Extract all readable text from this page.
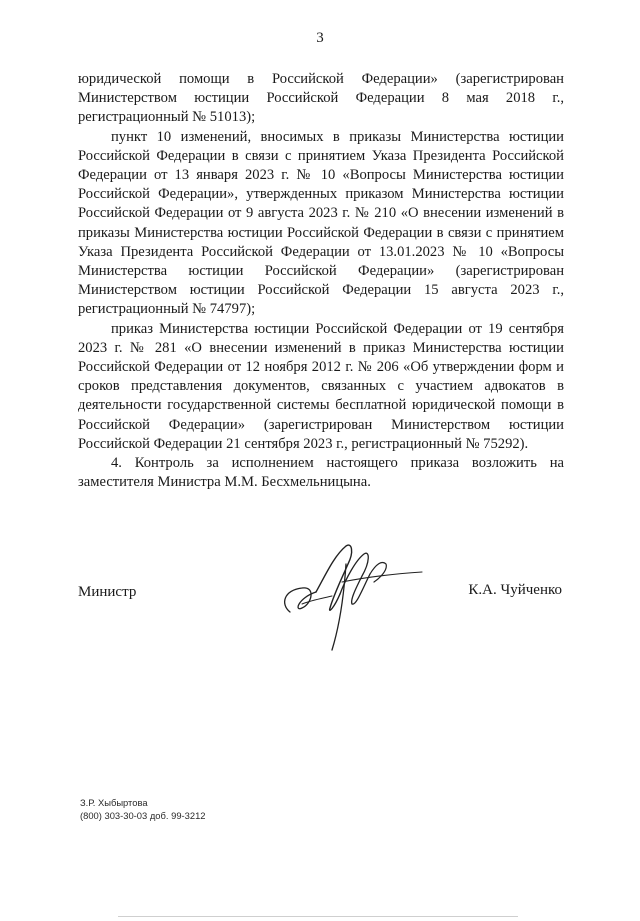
3

юридической помощи в Российской Федерации» (зарегистрирован Министерством юстиции Российской Федерации 8 мая 2018 г., регистрационный № 51013);

пункт 10 изменений, вносимых в приказы Министерства юстиции Российской Федерации в связи с принятием Указа Президента Российской Федерации от 13 января 2023 г. № 10 «Вопросы Министерства юстиции Российской Федерации», утвержденных приказом Министерства юстиции Российской Федерации от 9 августа 2023 г. № 210 «О внесении изменений в приказы Министерства юстиции Российской Федерации в связи с принятием Указа Президента Российской Федерации от 13.01.2023 № 10 «Вопросы Министерства юстиции Российской Федерации» (зарегистрирован Министерством юстиции Российской Федерации 15 августа 2023 г., регистрационный № 74797);

приказ Министерства юстиции Российской Федерации от 19 сентября 2023 г. № 281 «О внесении изменений в приказ Министерства юстиции Российской Федерации от 12 ноября 2012 г. № 206 «Об утверждении форм и сроков представления документов, связанных с участием адвокатов в деятельности государственной системы бесплатной юридической помощи в Российской Федерации» (зарегистрирован Министерством юстиции Российской Федерации 21 сентября 2023 г., регистрационный № 75292).

4. Контроль за исполнением настоящего приказа возложить на заместителя Министра М.М. Бесхмельницына.

Министр	К.А. Чуйченко
З.Р. Хыбыртова
(800) 303-30-03 доб. 99-3212
